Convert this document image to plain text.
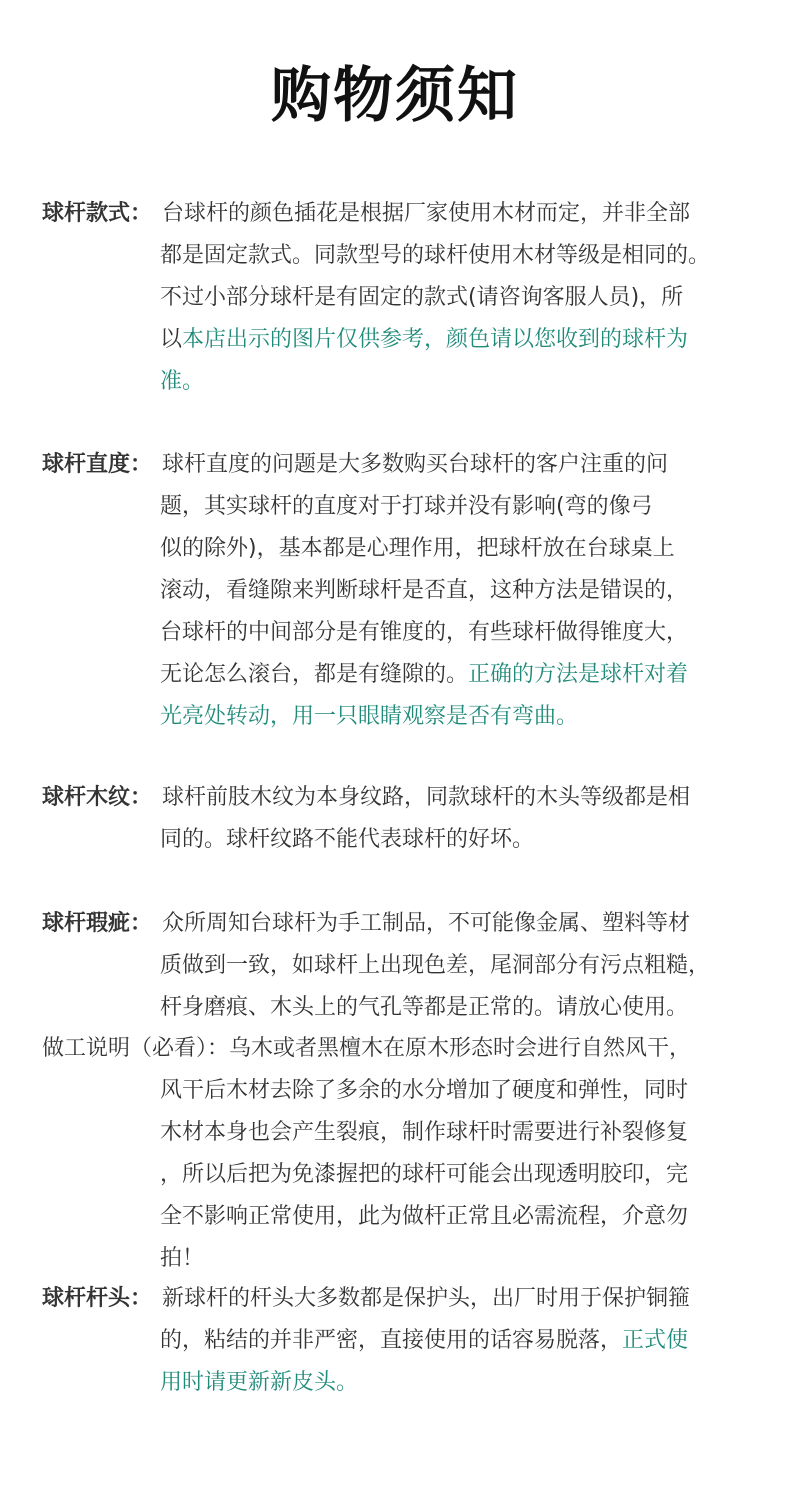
购物须知
球杆款式： 台球杆的颜色插花是根据厂家使用木材而定，并非全部
都是固定款式。同款型号的球杆使用木材等级是相同的。
不过小部分球杆是有固定的款式(请咨询客服人员)，所
以本店出示的图片仅供参考，颜色请以您收到的球杆为
准。
球杆直度： 球杆直度的问题是大多数购买台球杆的客户注重的问
题，其实球杆的直度对于打球并没有影响(弯的像弓
似的除外)，基本都是心理作用，把球杆放在台球桌上
滚动，看缝隙来判断球杆是否直，这种方法是错误的，
台球杆的中间部分是有锥度的，有些球杆做得锥度大，
无论怎么滚台，都是有缝隙的。正确的方法是球杆对着
光亮处转动，用一只眼睛观察是否有弯曲。
球杆木纹： 球杆前肢木纹为本身纹路，同款球杆的木头等级都是相
同的。球杆纹路不能代表球杆的好坏。
球杆瑕疵： 众所周知台球杆为手工制品，不可能像金属、塑料等材
质做到一致，如球杆上出现色差，尾洞部分有污点粗糙，
杆身磨痕、木头上的气孔等都是正常的。请放心使用。
做工说明（必看）：乌木或者黑檀木在原木形态时会进行自然风干，
风干后木材去除了多余的水分增加了硬度和弹性，同时
木材本身也会产生裂痕，制作球杆时需要进行补裂修复
，所以后把为免漆握把的球杆可能会出现透明胶印，完
全不影响正常使用，此为做杆正常且必需流程，介意勿
拍！
球杆杆头： 新球杆的杆头大多数都是保护头，出厂时用于保护铜箍
的，粘结的并非严密，直接使用的话容易脱落，正式使
用时请更新新皮头。
